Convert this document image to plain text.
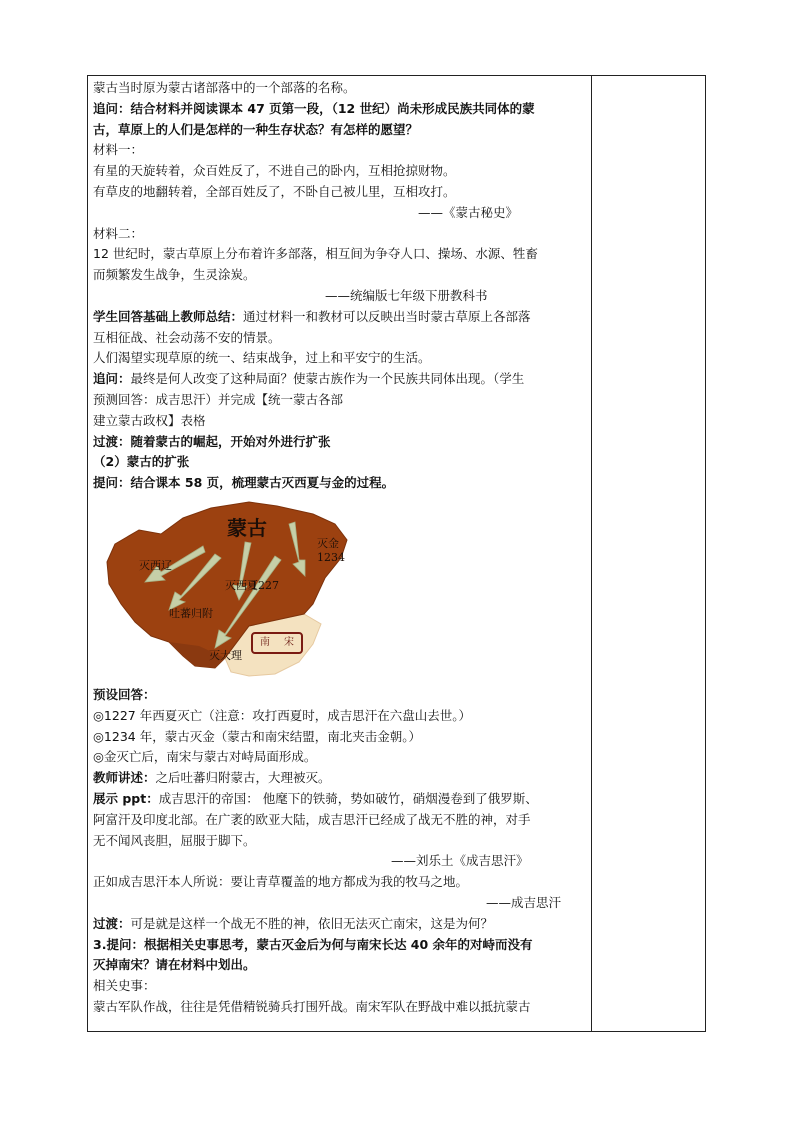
蒙古当时原为蒙古诸部落中的一个部落的名称。
追问：结合材料并阅读课本 47 页第一段，（12 世纪）尚未形成民族共同体的蒙
古，草原上的人们是怎样的一种生存状态？有怎样的愿望？
材料一：
有星的天旋转着，众百姓反了，不进自己的卧内，互相抢掠财物。
有草皮的地翻转着，全部百姓反了，不卧自己被儿里，互相攻打。
——《蒙古秘史》
材料二：
12 世纪时，蒙古草原上分布着许多部落，相互间为争夺人口、操场、水源、牲畜
而频繁发生战争，生灵涂炭。
——统编版七年级下册教科书
学生回答基础上教师总结：通过材料一和教材可以反映出当时蒙古草原上各部落
互相征战、社会动荡不安的情景。
人们渴望实现草原的统一、结束战争，过上和平安宁的生活。
追问：最终是何人改变了这种局面？使蒙古族作为一个民族共同体出现。（学生
预测回答：成吉思汗）并完成【统一蒙古各部
建立蒙古政权】表格
过渡：随着蒙古的崛起，开始对外进行扩张
（2）蒙古的扩张
提问：结合课本 58 页，梳理蒙古灭西夏与金的过程。
蒙古
灭金
1234
灭西辽
灭西夏
1227
吐蕃归附
灭大理
南 宋
预设回答：
◎1227 年西夏灭亡（注意：攻打西夏时，成吉思汗在六盘山去世。）
◎1234 年，蒙古灭金（蒙古和南宋结盟，南北夹击金朝。）
◎金灭亡后，南宋与蒙古对峙局面形成。
教师讲述：之后吐蕃归附蒙古，大理被灭。
展示 ppt：成吉思汗的帝国： 他麾下的铁骑，势如破竹，硝烟漫卷到了俄罗斯、
阿富汗及印度北部。在广袤的欧亚大陆，成吉思汗已经成了战无不胜的神，对手
无不闻风丧胆，屈服于脚下。
——刘乐土《成吉思汗》
正如成吉思汗本人所说：要让青草覆盖的地方都成为我的牧马之地。
——成吉思汗
过渡：可是就是这样一个战无不胜的神，依旧无法灭亡南宋，这是为何？
3.提问：根据相关史事思考，蒙古灭金后为何与南宋长达 40 余年的对峙而没有
灭掉南宋？请在材料中划出。
相关史事：
蒙古军队作战，往往是凭借精锐骑兵打围歼战。南宋军队在野战中难以抵抗蒙古
